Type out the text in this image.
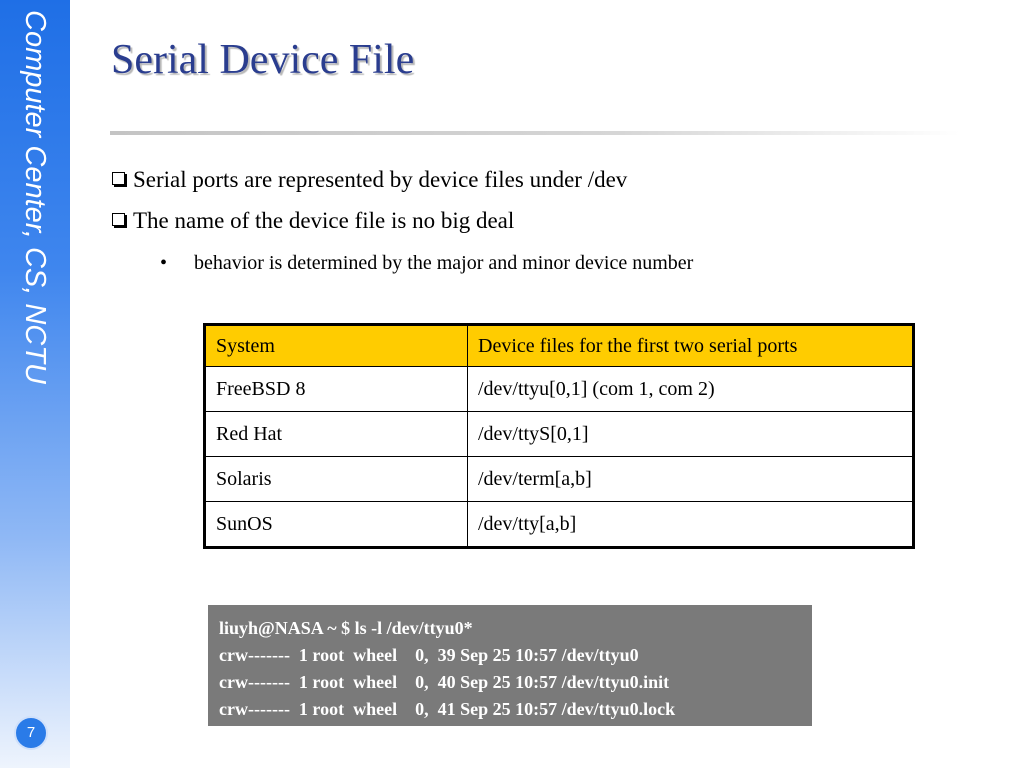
Computer Center, CS, NCTU
7
Serial Device File
Serial ports are represented by device files under /dev
The name of the device file is no big deal
• behavior is determined by the major and minor device number
System	Device files for the first two serial ports
FreeBSD 8	/dev/ttyu[0,1] (com 1, com 2)
Red Hat	/dev/ttyS[0,1]
Solaris	/dev/term[a,b]
SunOS	/dev/tty[a,b]
liuyh@NASA ~ $ ls -l /dev/ttyu0*
crw-------  1 root  wheel    0,  39 Sep 25 10:57 /dev/ttyu0
crw-------  1 root  wheel    0,  40 Sep 25 10:57 /dev/ttyu0.init
crw-------  1 root  wheel    0,  41 Sep 25 10:57 /dev/ttyu0.lock
